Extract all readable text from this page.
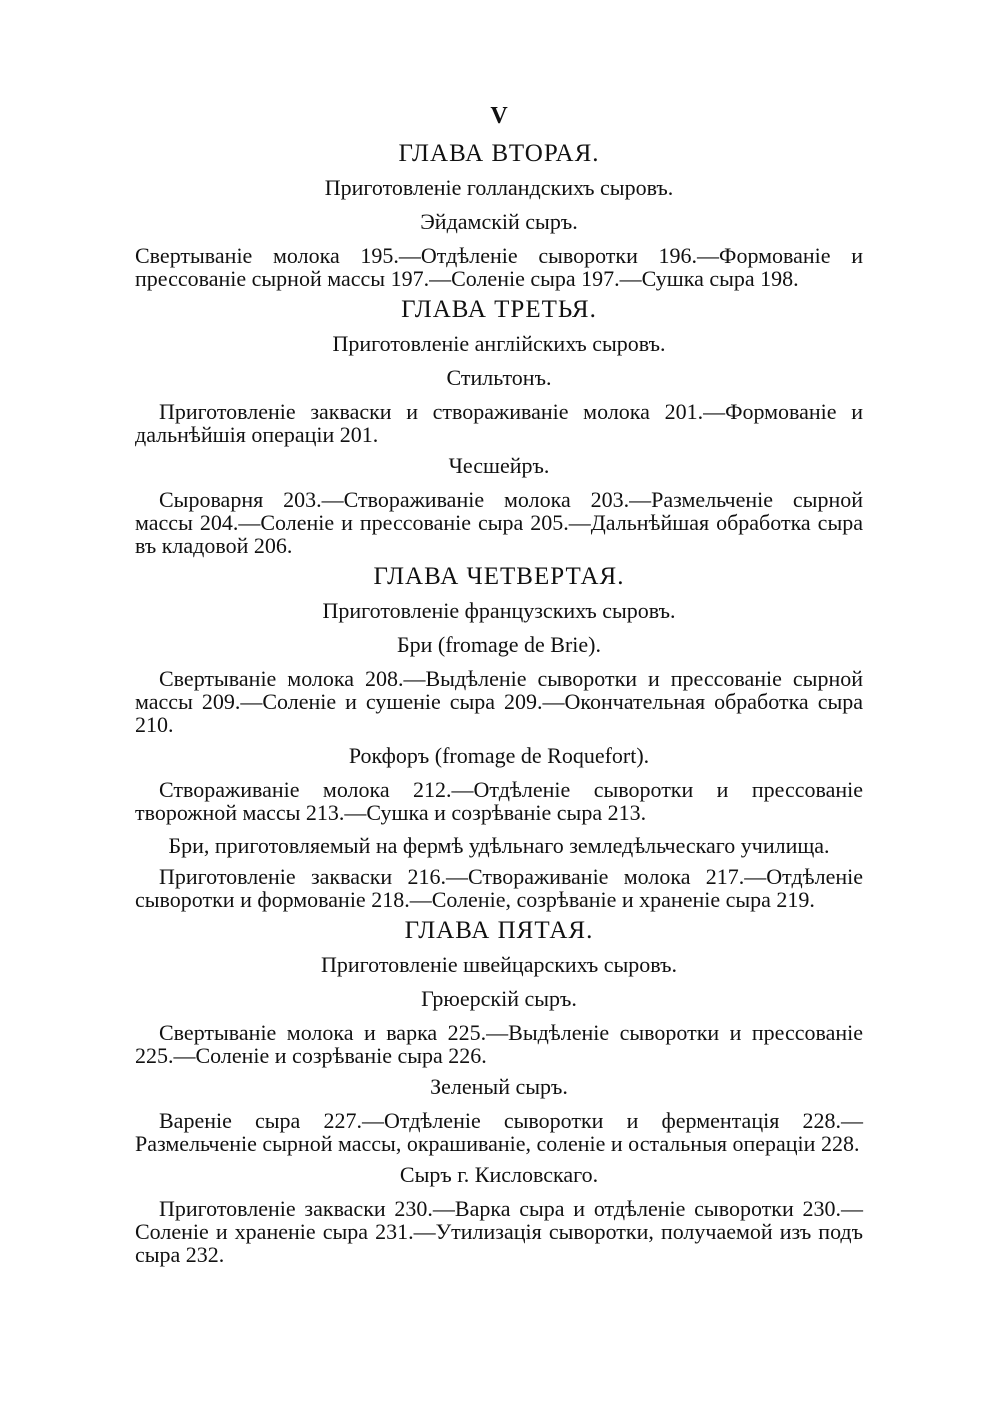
V
ГЛАВА ВТОРАЯ.
Приготовленіе голландскихъ сыровъ.
Эйдамскій сыръ.
Свертываніе молока 195.—Отдѣленіе сыворотки 196.—Формованіе и прессованіе сырной массы 197.—Соленіе сыра 197.—Сушка сыра 198.
ГЛАВА ТРЕТЬЯ.
Приготовленіе англійскихъ сыровъ.
Стильтонъ.
Приготовленіе закваски и створаживаніе молока 201.—Формованіе и дальнѣйшія операціи 201.
Чесшейръ.
Сыроварня 203.—Створаживаніе молока 203.—Размельченіе сырной массы 204.—Соленіе и прессованіе сыра 205.—Дальнѣйшая обработка сыра въ кладовой 206.
ГЛАВА ЧЕТВЕРТАЯ.
Приготовленіе французскихъ сыровъ.
Бри (fromage de Brie).
Свертываніе молока 208.—Выдѣленіе сыворотки и прессованіе сырной массы 209.—Соленіе и сушеніе сыра 209.—Окончательная обработка сыра 210.
Рокфоръ (fromage de Roquefort).
Створаживаніе молока 212.—Отдѣленіе сыворотки и прессованіе творожной массы 213.—Сушка и созрѣваніе сыра 213.
Бри, приготовляемый на фермѣ удѣльнаго земледѣльческаго училища.
Приготовленіе закваски 216.—Створаживаніе молока 217.—Отдѣленіе сыворотки и формованіе 218.—Соленіе, созрѣваніе и храненіе сыра 219.
ГЛАВА ПЯТАЯ.
Приготовленіе швейцарскихъ сыровъ.
Грюерскій сыръ.
Свертываніе молока и варка 225.—Выдѣленіе сыворотки и прессованіе 225.—Соленіе и созрѣваніе сыра 226.
Зеленый сыръ.
Вареніе сыра 227.—Отдѣленіе сыворотки и ферментація 228.—Размельченіе сырной массы, окрашиваніе, соленіе и остальныя операціи 228.
Сыръ г. Кисловскаго.
Приготовленіе закваски 230.—Варка сыра и отдѣленіе сыворотки 230.—Соленіе и храненіе сыра 231.—Утилизація сыворотки, получаемой изъ подъ сыра 232.
